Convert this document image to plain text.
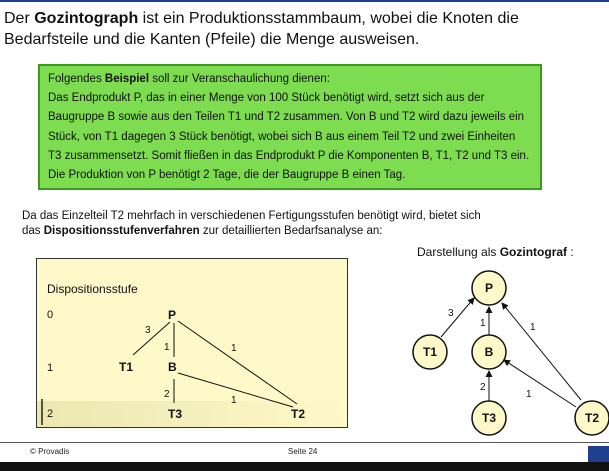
Der Gozintograph ist ein Produktionsstammbaum, wobei die Knoten die
Bedarfsteile und die Kanten (Pfeile) die Menge ausweisen.
Folgendes Beispiel soll zur Veranschaulichung dienen:
Das Endprodukt P, das in einer Menge von 100 Stück benötigt wird, setzt sich aus der
Baugruppe B sowie aus den Teilen T1 und T2 zusammen. Von B und T2 wird dazu jeweils ein
Stück, von T1 dagegen 3 Stück benötigt, wobei sich B aus einem Teil T2 und zwei Einheiten
T3 zusammensetzt. Somit fließen in das Endprodukt P die Komponenten B, T1, T2 und T3 ein.
Die Produktion von P benötigt 2 Tage, die der Baugruppe B einen Tag.
Da das Einzelteil T2 mehrfach in verschiedenen Fertigungsstufen benötigt wird, bietet sich
das Dispositionsstufenverfahren zur detaillierten Bedarfsanalyse an:
Dispositionsstufe
0
1
2
3
1	1
2
1
P
T1	B
T3	T2
Darstellung als Gozintograf :
3
1	1
2
1
P
T1	B
T3	T2
© Provadis	Seite 24
